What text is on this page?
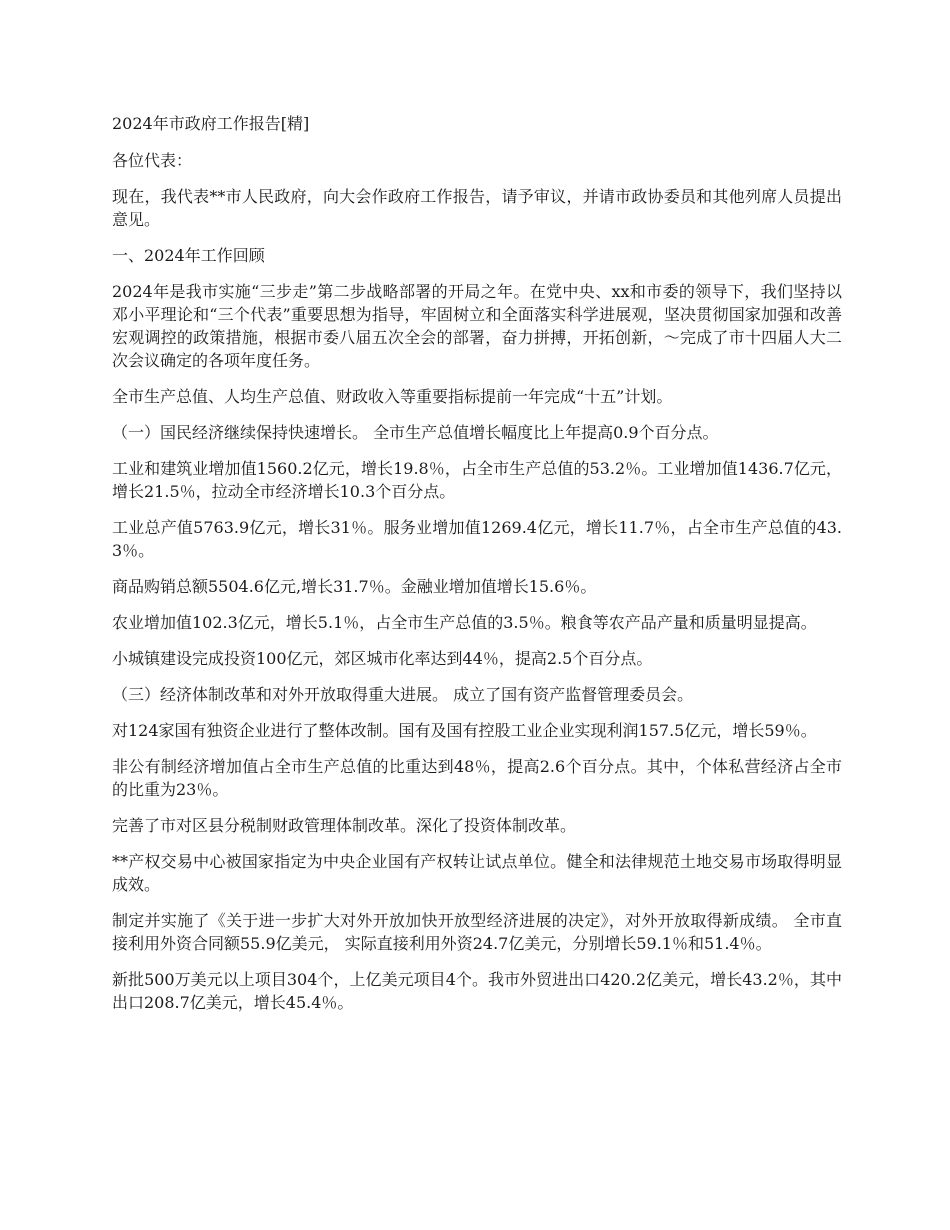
2024年市政府工作报告[精]

各位代表：

现在，我代表**市人民政府，向大会作政府工作报告，请予审议，并请市政协委员和其他列席人员提出意见。

一、2024年工作回顾

2024年是我市实施“三步走”第二步战略部署的开局之年。在党中央、xx和市委的领导下，我们坚持以邓小平理论和“三个代表”重要思想为指导，牢固树立和全面落实科学进展观，坚决贯彻国家加强和改善宏观调控的政策措施，根据市委八届五次全会的部署，奋力拼搏，开拓创新，～完成了市十四届人大二次会议确定的各项年度任务。

全市生产总值、人均生产总值、财政收入等重要指标提前一年完成“十五”计划。

（一）国民经济继续保持快速增长。 全市生产总值增长幅度比上年提高0.9个百分点。

工业和建筑业增加值1560.2亿元，增长19.8％，占全市生产总值的53.2％。工业增加值1436.7亿元，增长21.5％，拉动全市经济增长10.3个百分点。

工业总产值5763.9亿元，增长31％。服务业增加值1269.4亿元，增长11.7％，占全市生产总值的43.3％。

商品购销总额5504.6亿元,增长31.7％。金融业增加值增长15.6％。

农业增加值102.3亿元，增长5.1％，占全市生产总值的3.5％。粮食等农产品产量和质量明显提高。

小城镇建设完成投资100亿元，郊区城市化率达到44％，提高2.5个百分点。

（三）经济体制改革和对外开放取得重大进展。 成立了国有资产监督管理委员会。

对124家国有独资企业进行了整体改制。国有及国有控股工业企业实现利润157.5亿元，增长59％。

非公有制经济增加值占全市生产总值的比重达到48％，提高2.6个百分点。其中，个体私营经济占全市的比重为23％。

完善了市对区县分税制财政管理体制改革。深化了投资体制改革。

**产权交易中心被国家指定为中央企业国有产权转让试点单位。健全和法律规范土地交易市场取得明显成效。

制定并实施了《关于进一步扩大对外开放加快开放型经济进展的决定》，对外开放取得新成绩。 全市直接利用外资合同额55.9亿美元， 实际直接利用外资24.7亿美元，分别增长59.1％和51.4％。

新批500万美元以上项目304个，上亿美元项目4个。我市外贸进出口420.2亿美元，增长43.2％，其中出口208.7亿美元，增长45.4％。
